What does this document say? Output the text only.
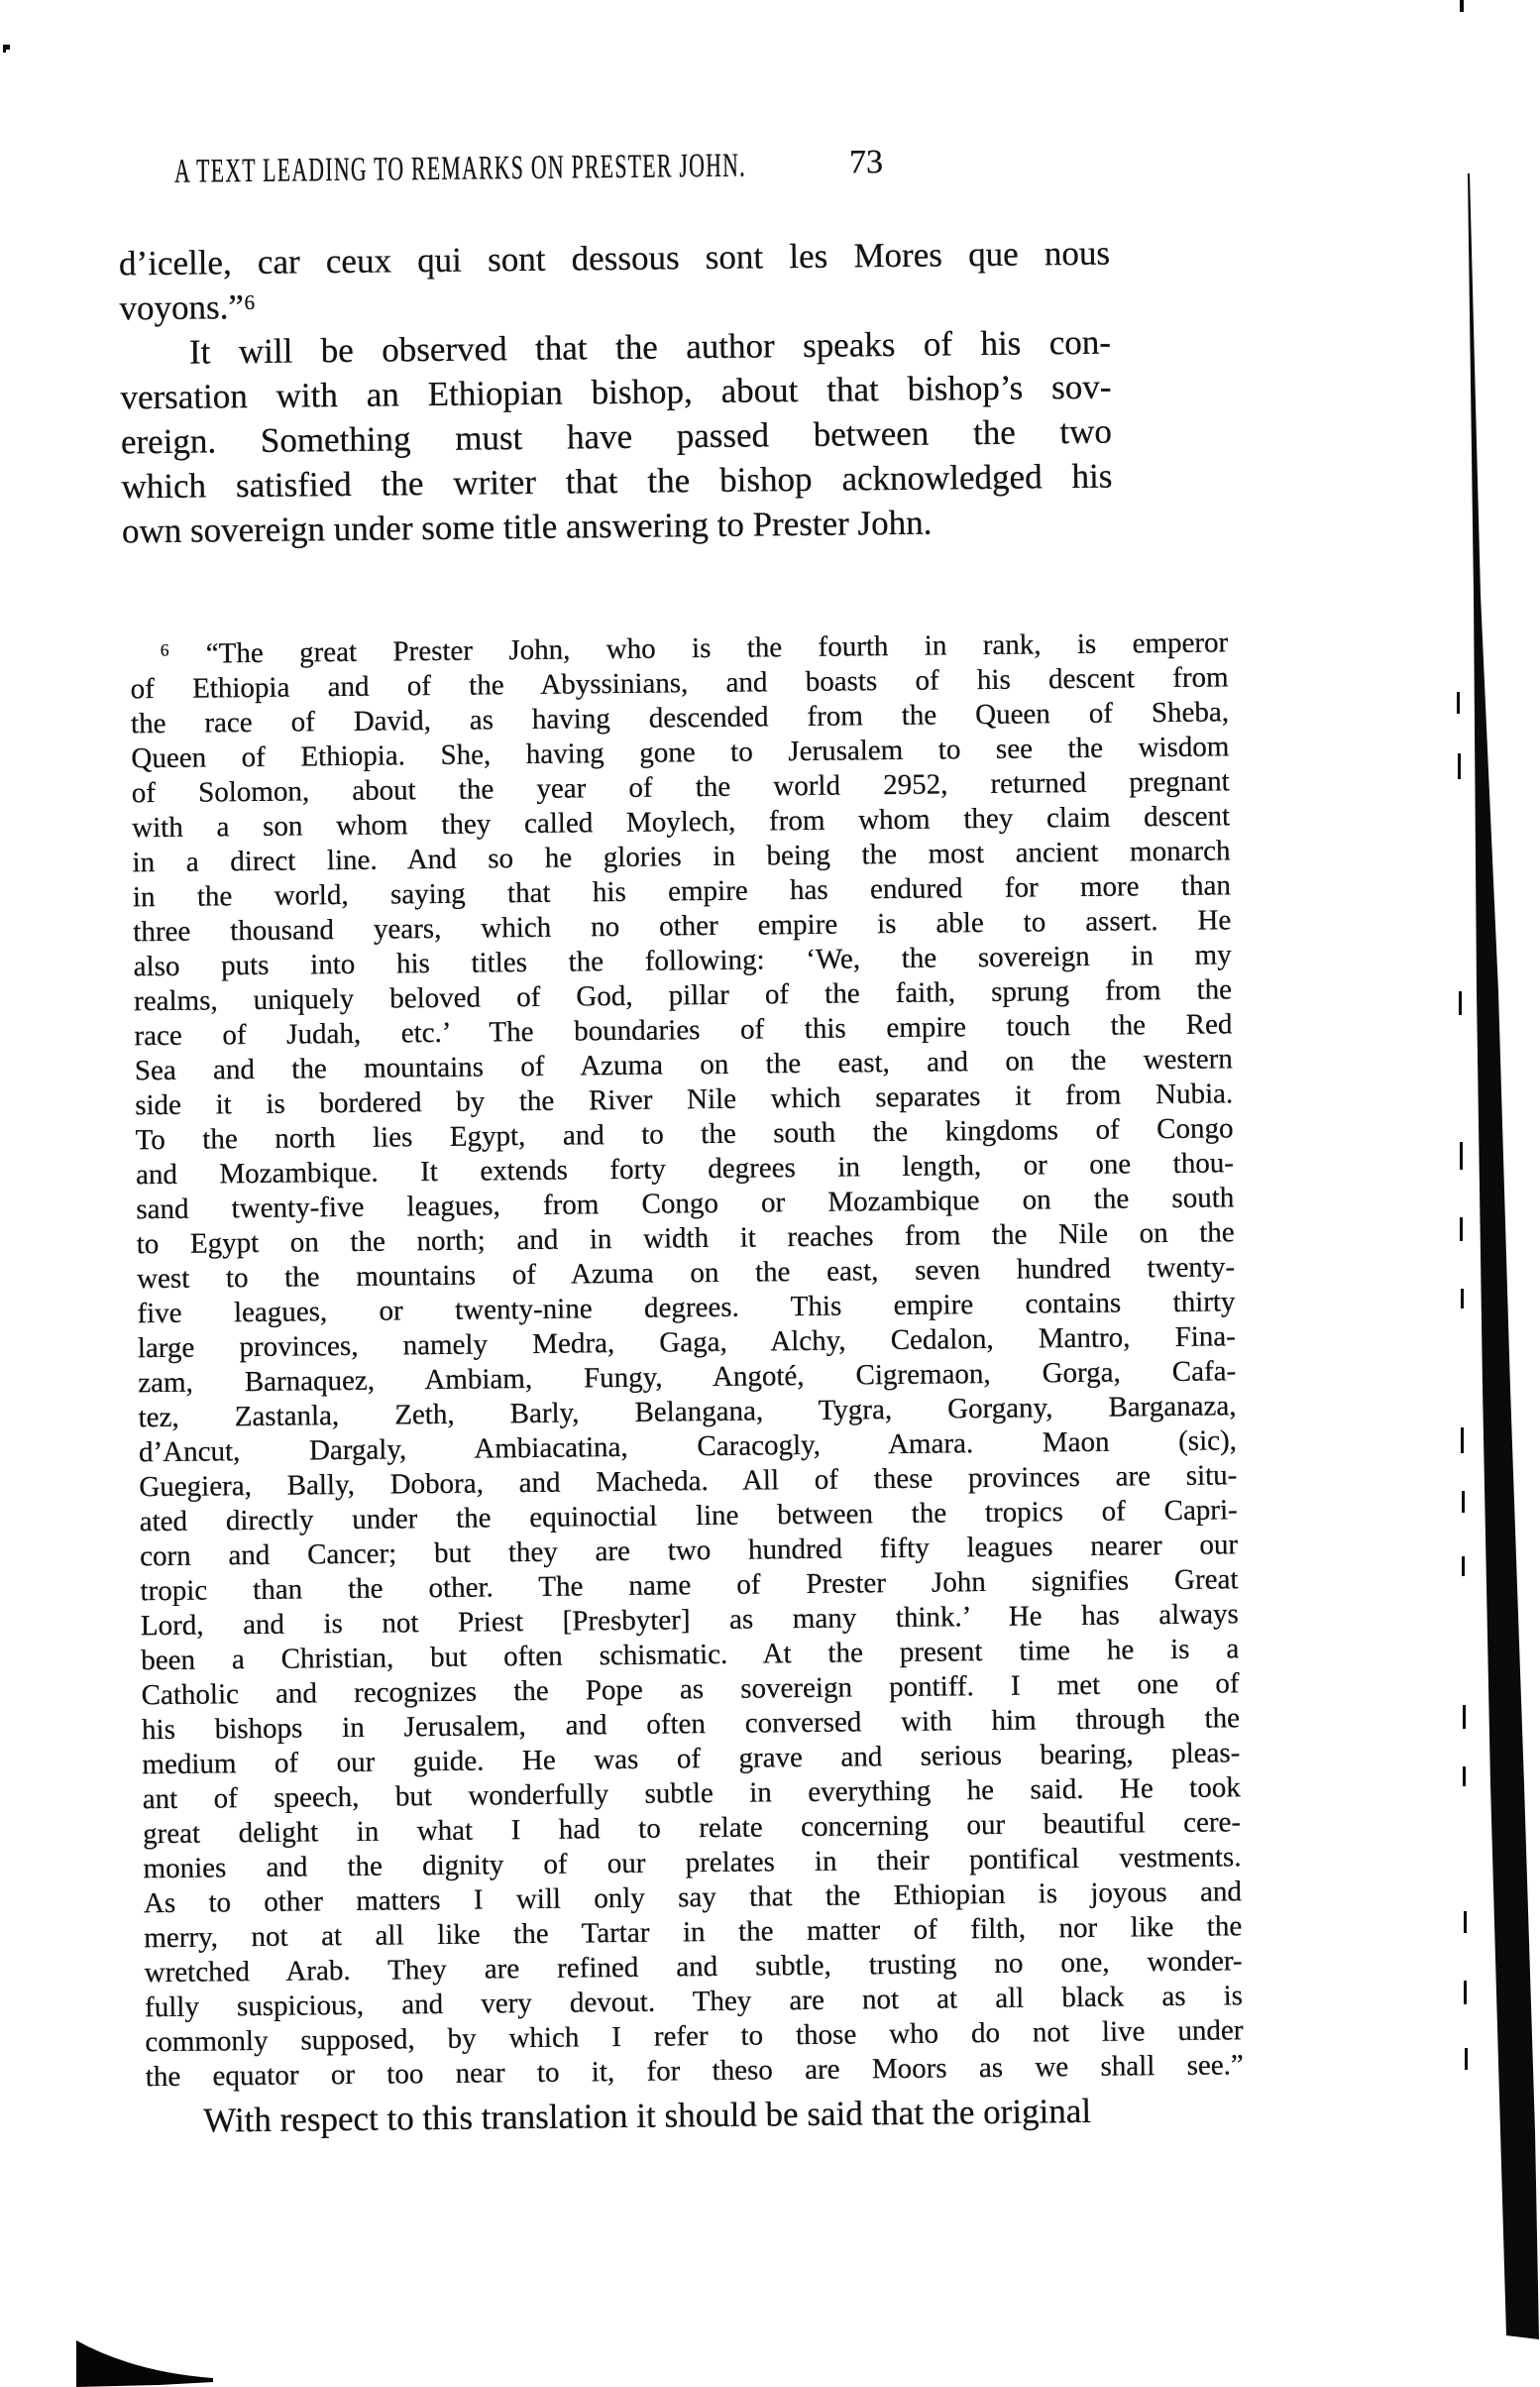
A TEXT LEADING TO REMARKS ON PRESTER JOHN.	73
d’icelle, car ceux qui sont dessous sont les Mores que nous
voyons.”⁶
It will be observed that the author speaks of his con-
versation with an Ethiopian bishop, about that bishop’s sov-
ereign. Something must have passed between the two
which satisfied the writer that the bishop acknowledged his
own sovereign under some title answering to Prester John.
⁶ “The great Prester John, who is the fourth in rank, is emperor
of Ethiopia and of the Abyssinians, and boasts of his descent from
the race of David, as having descended from the Queen of Sheba,
Queen of Ethiopia. She, having gone to Jerusalem to see the wisdom
of Solomon, about the year of the world 2952, returned pregnant
with a son whom they called Moylech, from whom they claim descent
in a direct line. And so he glories in being the most ancient monarch
in the world, saying that his empire has endured for more than
three thousand years, which no other empire is able to assert. He
also puts into his titles the following: ‘We, the sovereign in my
realms, uniquely beloved of God, pillar of the faith, sprung from the
race of Judah, etc.’ The boundaries of this empire touch the Red
Sea and the mountains of Azuma on the east, and on the western
side it is bordered by the River Nile which separates it from Nubia.
To the north lies Egypt, and to the south the kingdoms of Congo
and Mozambique. It extends forty degrees in length, or one thou-
sand twenty-five leagues, from Congo or Mozambique on the south
to Egypt on the north; and in width it reaches from the Nile on the
west to the mountains of Azuma on the east, seven hundred twenty-
five leagues, or twenty-nine degrees. This empire contains thirty
large provinces, namely Medra, Gaga, Alchy, Cedalon, Mantro, Fina-
zam, Barnaquez, Ambiam, Fungy, Angoté, Cigremaon, Gorga, Cafa-
tez, Zastanla, Zeth, Barly, Belangana, Tygra, Gorgany, Barganaza,
d’Ancut, Dargaly, Ambiacatina, Caracogly, Amara. Maon (sic),
Guegiera, Bally, Dobora, and Macheda. All of these provinces are situ-
ated directly under the equinoctial line between the tropics of Capri-
corn and Cancer; but they are two hundred fifty leagues nearer our
tropic than the other. The name of Prester John signifies Great
Lord, and is not Priest [Presbyter] as many think.’ He has always
been a Christian, but often schismatic. At the present time he is a
Catholic and recognizes the Pope as sovereign pontiff. I met one of
his bishops in Jerusalem, and often conversed with him through the
medium of our guide. He was of grave and serious bearing, pleas-
ant of speech, but wonderfully subtle in everything he said. He took
great delight in what I had to relate concerning our beautiful cere-
monies and the dignity of our prelates in their pontifical vestments.
As to other matters I will only say that the Ethiopian is joyous and
merry, not at all like the Tartar in the matter of filth, nor like the
wretched Arab. They are refined and subtle, trusting no one, wonder-
fully suspicious, and very devout. They are not at all black as is
commonly supposed, by which I refer to those who do not live under
the equator or too near to it, for theso are Moors as we shall see.”
With respect to this translation it should be said that the original
